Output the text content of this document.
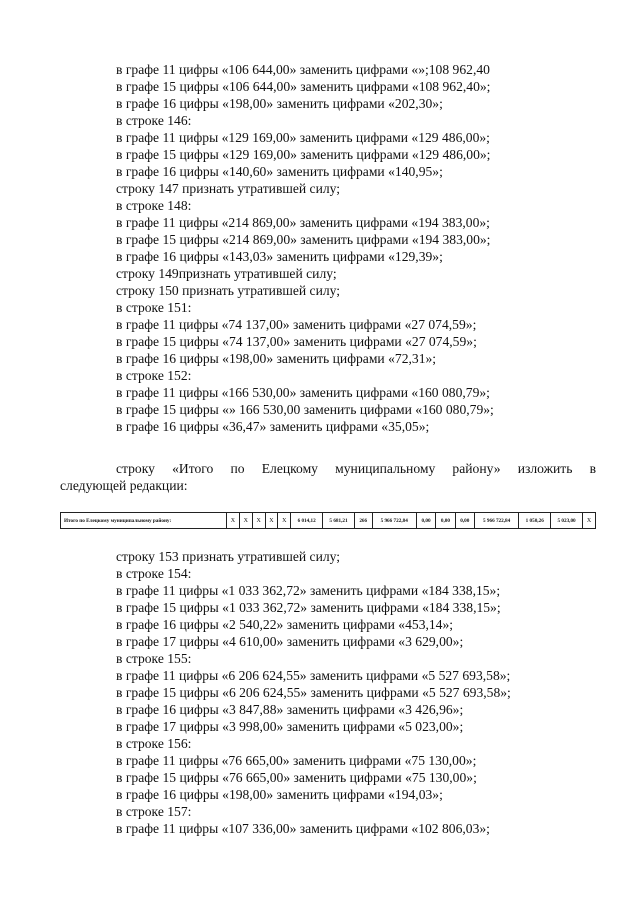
в графе 11 цифры «106 644,00» заменить цифрами «»;108 962,40
в графе 15 цифры «106 644,00» заменить цифрами «108 962,40»;
в графе 16 цифры «198,00» заменить цифрами «202,30»;
в строке 146:
в графе 11 цифры «129 169,00» заменить цифрами «129 486,00»;
в графе 15 цифры «129 169,00» заменить цифрами «129 486,00»;
в графе 16 цифры «140,60» заменить цифрами «140,95»;
строку 147 признать утратившей силу;
в строке 148:
в графе 11 цифры «214 869,00» заменить цифрами «194 383,00»;
в графе 15 цифры «214 869,00» заменить цифрами «194 383,00»;
в графе 16 цифры «143,03» заменить цифрами «129,39»;
строку 149признать утратившей силу;
строку 150 признать утратившей силу;
в строке 151:
в графе 11 цифры «74 137,00» заменить цифрами «27 074,59»;
в графе 15 цифры «74 137,00» заменить цифрами «27 074,59»;
в графе 16 цифры «198,00» заменить цифрами «72,31»;
в строке 152:
в графе 11 цифры «166 530,00» заменить цифрами «160 080,79»;
в графе 15 цифры «» 166 530,00 заменить цифрами «160 080,79»;
в графе 16 цифры «36,47» заменить цифрами «35,05»;
строку «Итого по Елецкому муниципальному району» изложить в
следующей редакции:
Итого по Елецкому муниципальному району:	X	X	X	X	X	6 014,12	5 681,21	266	5 966 722,84	0,00	0,00	0,00	5 966 722,84	1 050,26	5 023,00	X
строку 153 признать утратившей силу;
в строке 154:
в графе 11 цифры «1 033 362,72» заменить цифрами «184 338,15»;
в графе 15 цифры «1 033 362,72» заменить цифрами «184 338,15»;
в графе 16 цифры «2 540,22» заменить цифрами «453,14»;
в графе 17 цифры «4 610,00» заменить цифрами «3 629,00»;
в строке 155:
в графе 11 цифры «6 206 624,55» заменить цифрами «5 527 693,58»;
в графе 15 цифры «6 206 624,55» заменить цифрами «5 527 693,58»;
в графе 16 цифры «3 847,88» заменить цифрами «3 426,96»;
в графе 17 цифры «3 998,00» заменить цифрами «5 023,00»;
в строке 156:
в графе 11 цифры «76 665,00» заменить цифрами «75 130,00»;
в графе 15 цифры «76 665,00» заменить цифрами «75 130,00»;
в графе 16 цифры «198,00» заменить цифрами «194,03»;
в строке 157:
в графе 11 цифры «107 336,00» заменить цифрами «102 806,03»;
